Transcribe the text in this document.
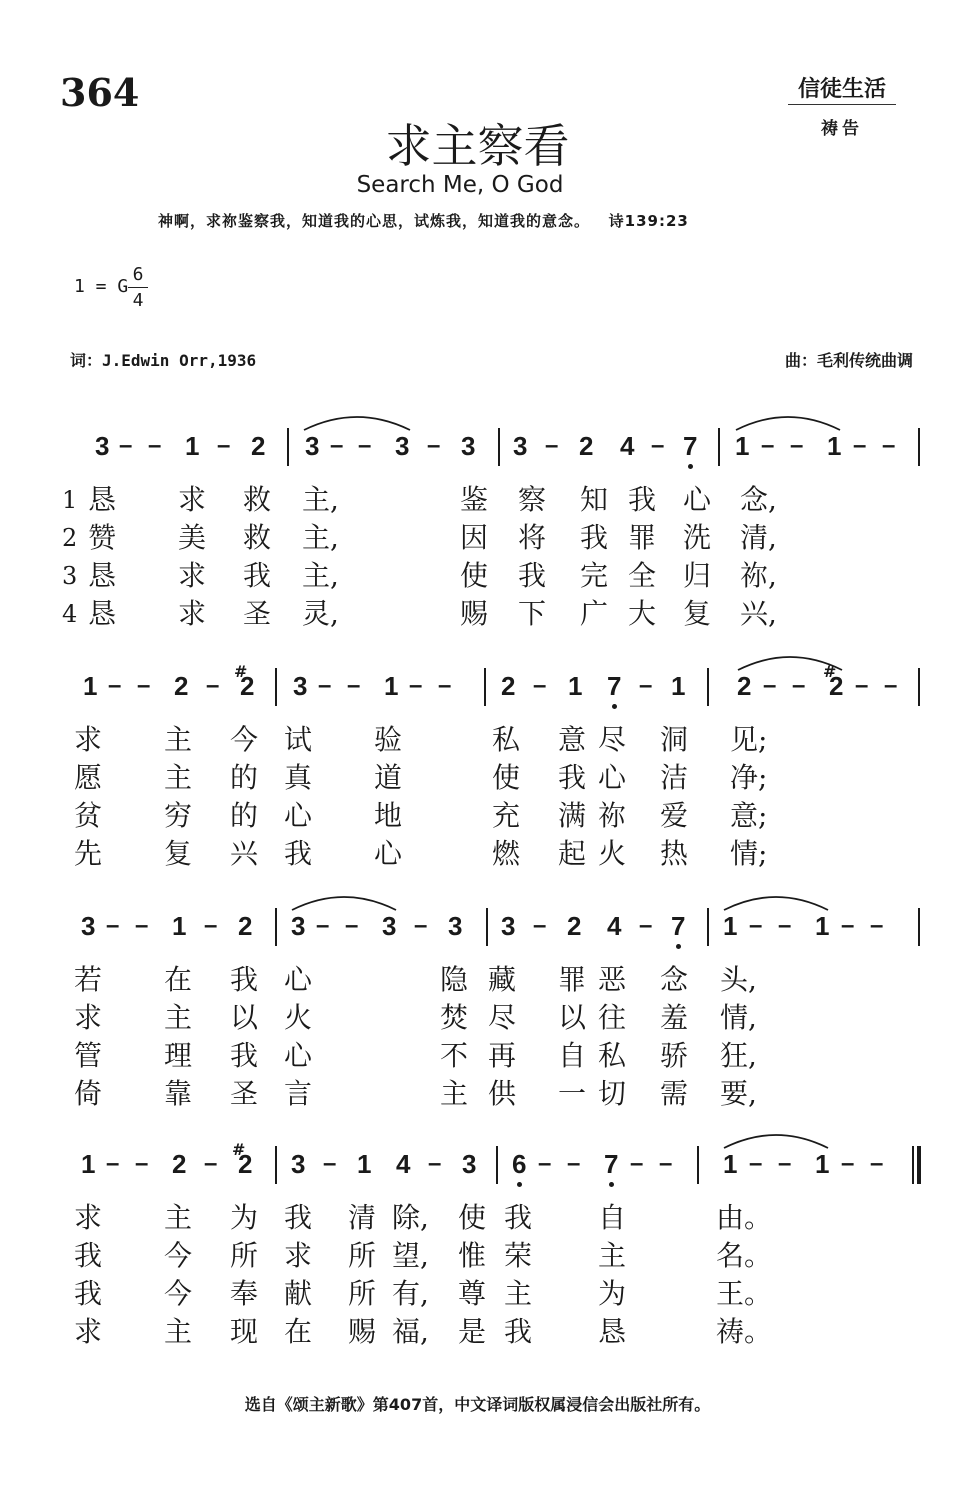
364	信徒生活
祷告
求主察看
Search Me, O God
神啊，求祢鉴察我，知道我的心思，试炼我，知道我的意念。   诗139:23
1 = G
6
4
词：J.Edwin Orr,1936	曲：毛利传统曲调
3 – – 1 – 2 3 – – 3 – 3 3 – 2 4 – 7 1 – – 1 – –
1 恳 求 救 主,	鉴 察 知 我 心 念,
2 赞 美 救 主,	因 将 我 罪 洗 清,
3 恳 求 我 主,	使 我 完 全 归 祢,
4 恳 求 圣 灵,	赐 下 广 大 复 兴,
1 – – 2 – 2
# 3 – – 1 – – 2 – 1 7 – 1 2 – – 2
#
– –
求 主 今 试 验	私 意 尽 洞 见;
愿 主 的 真 道	使 我 心 洁 净;
贫 穷 的 心 地	充 满 祢 爱 意;
先 复 兴 我 心	燃 起 火 热 情;
3 – – 1 – 2 3 – – 3 – 3 3 – 2 4 – 7 1 – – 1 – –
若 在 我 心	隐 藏 罪 恶 念 头,
求 主 以 火	焚 尽 以 往 羞 情,
管 理 我 心	不 再 自 私 骄 狂,
倚 靠 圣 言	主 供 一 切 需 要,
1 – – 2 – 2
# 3 – 1 4 – 3 6 – – 7 – – 1 – – 1 – –
求 主 为 我 清 除, 使 我 自	由。
我 今 所 求 所 望, 惟 荣 主	名。
我 今 奉 献 所 有, 尊 主 为	王。
求 主 现 在 赐 福, 是 我 恳	祷。
选自《颂主新歌》第407首，中文译词版权属浸信会出版社所有。
